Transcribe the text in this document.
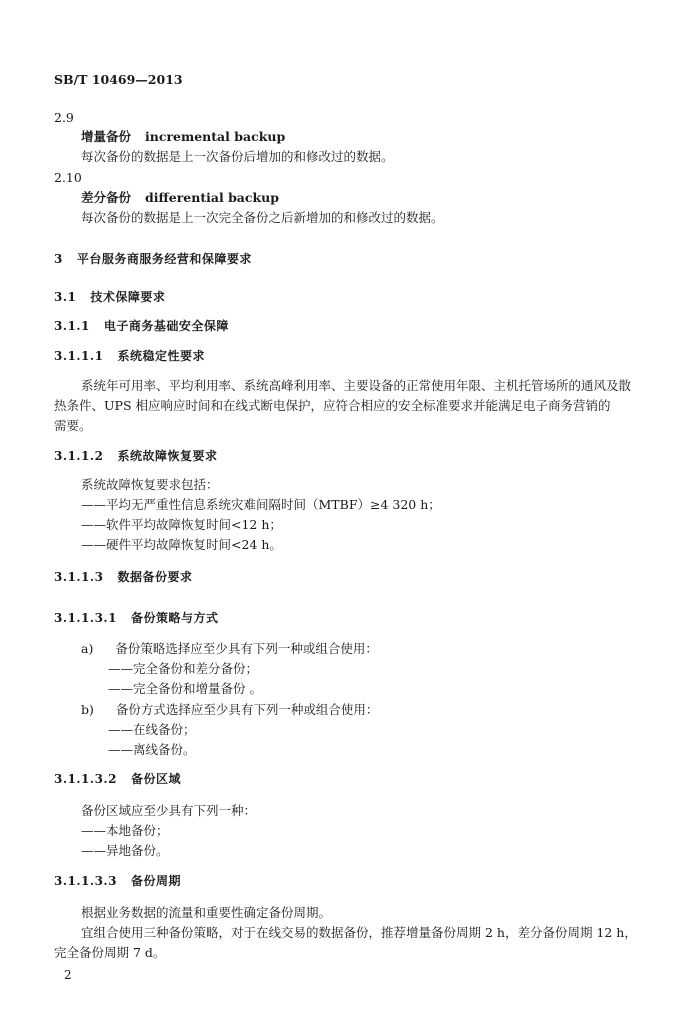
SB/T 10469—2013
2.9
增量备份 incremental backup
每次备份的数据是上一次备份后增加的和修改过的数据。
2.10
差分备份 differential backup
每次备份的数据是上一次完全备份之后新增加的和修改过的数据。
3 平台服务商服务经营和保障要求
3.1 技术保障要求
3.1.1 电子商务基础安全保障
3.1.1.1 系统稳定性要求
系统年可用率、平均利用率、系统高峰利用率、主要设备的正常使用年限、主机托管场所的通风及散
热条件、UPS 相应响应时间和在线式断电保护，应符合相应的安全标准要求并能满足电子商务营销的
需要。
3.1.1.2 系统故障恢复要求
系统故障恢复要求包括：
——平均无严重性信息系统灾难间隔时间（MTBF）≥4 320 h；
——软件平均故障恢复时间<12 h；
——硬件平均故障恢复时间<24 h。
3.1.1.3 数据备份要求
3.1.1.3.1 备份策略与方式
a) 备份策略选择应至少具有下列一种或组合使用：
——完全备份和差分备份；
——完全备份和增量备份 。
b) 备份方式选择应至少具有下列一种或组合使用：
——在线备份；
——离线备份。
3.1.1.3.2 备份区域
备份区域应至少具有下列一种：
——本地备份；
——异地备份。
3.1.1.3.3 备份周期
根据业务数据的流量和重要性确定备份周期。
宜组合使用三种备份策略，对于在线交易的数据备份，推荐增量备份周期 2 h，差分备份周期 12 h，
完全备份周期 7 d。
2
